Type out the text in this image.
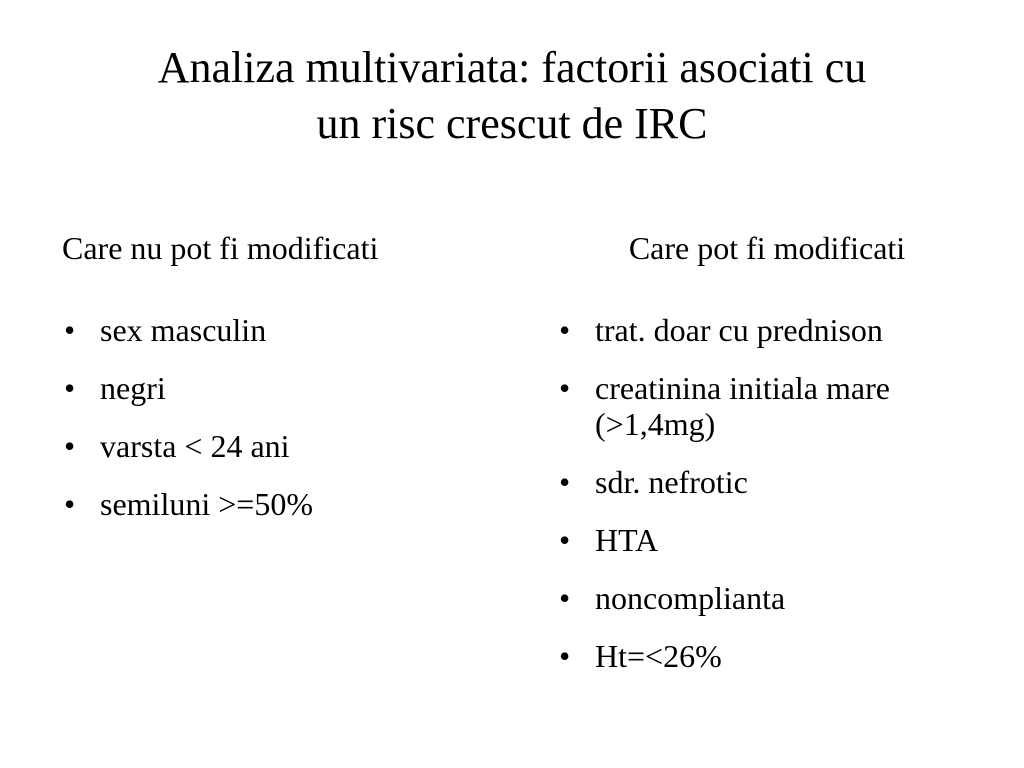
Analiza multivariata: factorii asociati cu
un risc crescut de IRC
Care nu pot fi modificati
• sex masculin
• negri
• varsta < 24 ani
• semiluni >=50%
Care pot fi modificati
• trat. doar cu prednison
• creatinina initiala mare (>1,4mg)
• sdr. nefrotic
• HTA
• noncomplianta
• Ht=<26%
